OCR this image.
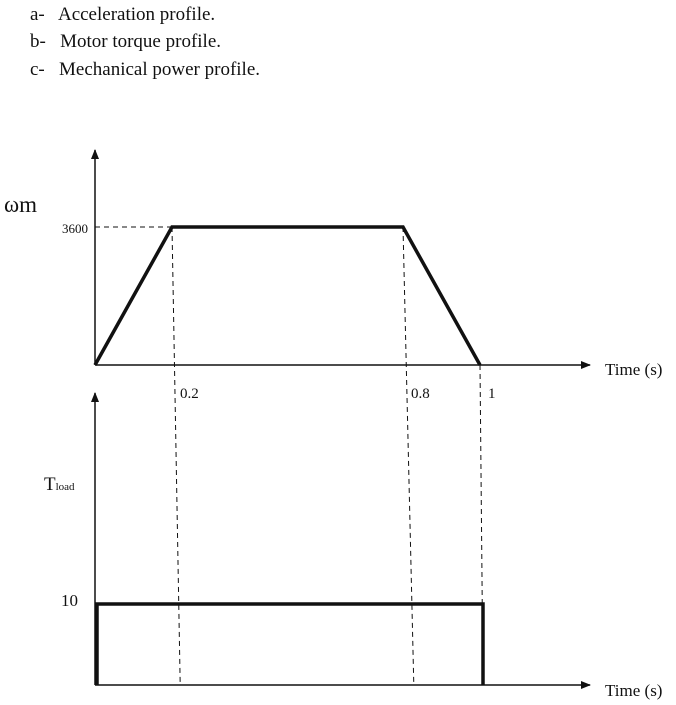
a- Acceleration profile.
b- Motor torque profile.
c- Mechanical power profile.
ωm
Time (s)
3600
Tload
Time (s)
10
0.2	0.8	1
